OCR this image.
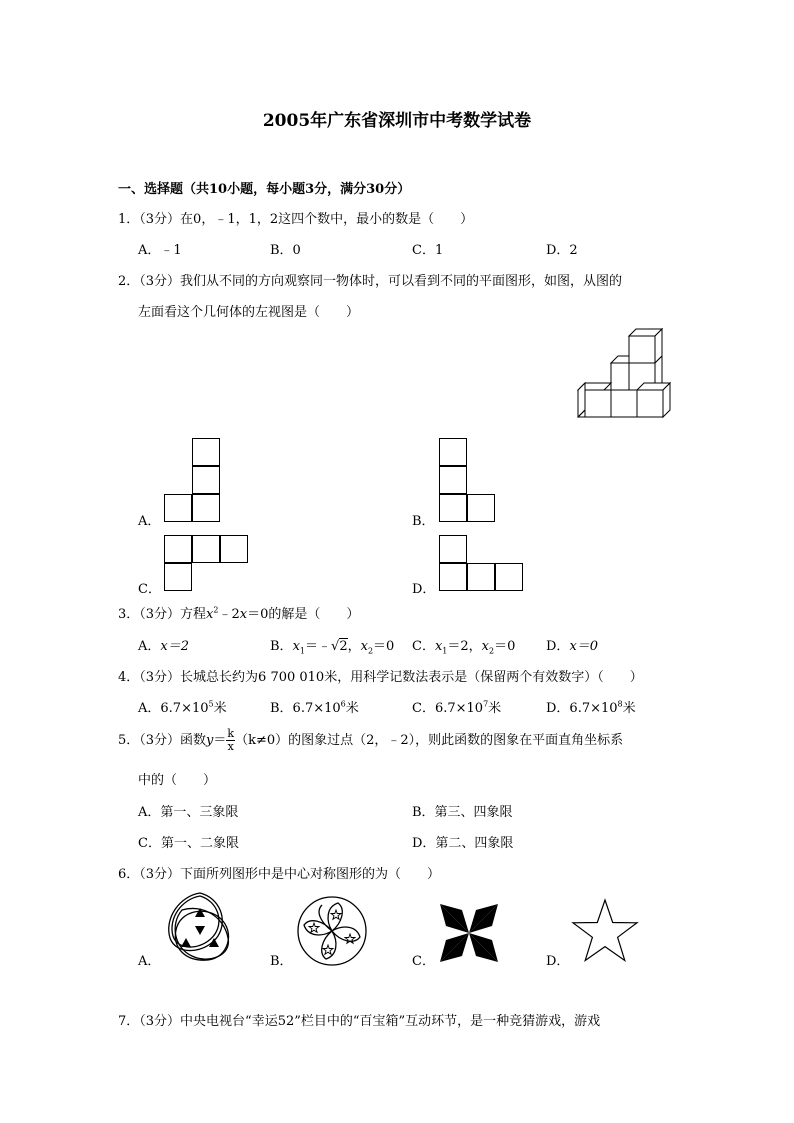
2005年广东省深圳市中考数学试卷
一、选择题（共10小题，每小题3分，满分30分）
1．（3分）在0，﹣1，1，2这四个数中，最小的数是（　　）
A．﹣1	B．0	C．1	D．2
2．（3分）我们从不同的方向观察同一物体时，可以看到不同的平面图形，如图，从图的
左面看这个几何体的左视图是（　　）
A．	B．
C．	D．
3．（3分）方程$x^2﹣2x=0$的解是（　　）
A．x＝2	B．$x_1=﹣√2$，$x_2=0$ C．$x_1=2$，$x_2=0$ D．x＝0
4．（3分）长城总长约为6 700 010米，用科学记数法表示是（保留两个有效数字）（　　）
A．$6.7\times 10^5$米	B．$6.7\times 10^6$米	C．$6.7\times 10^7$米	D．$6.7\times 10^8$米
5．（3分）函数$y= \frac{k}{x} (k\ne 0)$的图象过点（2，﹣2），则此函数的图象在平面直角坐标系
中的（　　）
A．第一、三象限	B．第三、四象限
C．第一、二象限	D．第二、四象限
6．（3分）下面所列图形中是中心对称图形的为（　　）
A．	B．	C．	D．
7．（3分）中央电视台“幸运52”栏目中的“百宝箱”互动环节，是一种竞猜游戏，游戏
